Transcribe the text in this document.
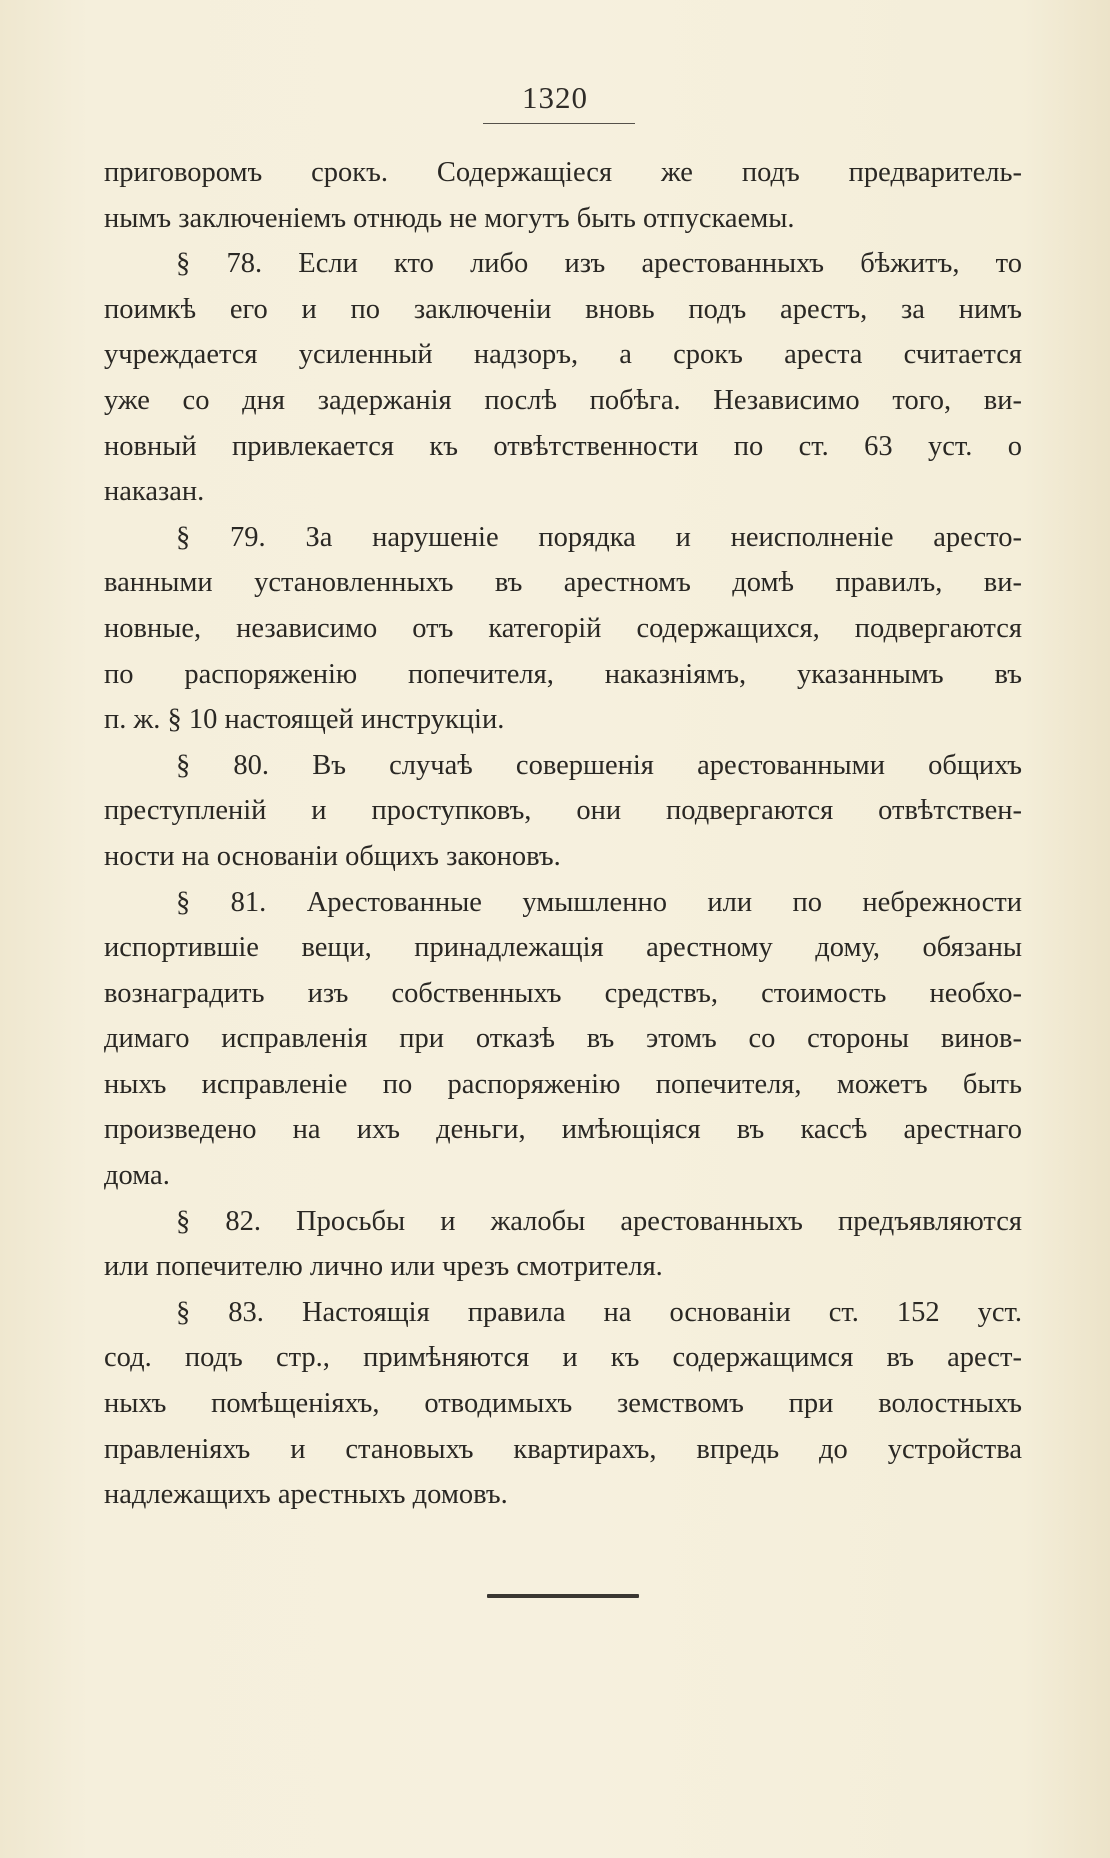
1320
приговоромъ срокъ. Содержащіеся же подъ предваритель-
нымъ заключеніемъ отнюдь не могутъ быть отпускаемы.
§ 78. Если кто либо изъ арестованныхъ бѣжитъ, то
поимкѣ его и по заключеніи вновь подъ арестъ, за нимъ
учреждается усиленный надзоръ, а срокъ ареста считается
уже со дня задержанія послѣ побѣга. Независимо того, ви-
новный привлекается къ отвѣтственности по ст. 63 уст. о
наказан.
§ 79. За нарушеніе порядка и неисполненіе аресто-
ванными установленныхъ въ арестномъ домѣ правилъ, ви-
новные, независимо отъ категорій содержащихся, подвергаются
по распоряженію попечителя, наказніямъ, указаннымъ въ
п. ж. § 10 настоящей инструкціи.
§ 80. Въ случаѣ совершенія арестованными общихъ
преступленій и проступковъ, они подвергаются отвѣтствен-
ности на основаніи общихъ законовъ.
§ 81. Арестованные умышленно или по небрежности
испортившіе вещи, принадлежащія арестному дому, обязаны
вознаградить изъ собственныхъ средствъ, стоимость необхо-
димаго исправленія при отказѣ въ этомъ со стороны винов-
ныхъ исправленіе по распоряженію попечителя, можетъ быть
произведено на ихъ деньги, имѣющіяся въ кассѣ арестнаго
дома.
§ 82. Просьбы и жалобы арестованныхъ предъявляются
или попечителю лично или чрезъ смотрителя.
§ 83. Настоящія правила на основаніи ст. 152 уст.
сод. подъ стр., примѣняются и къ содержащимся въ арест-
ныхъ помѣщеніяхъ, отводимыхъ земствомъ при волостныхъ
правленіяхъ и становыхъ квартирахъ, впредь до устройства
надлежащихъ арестныхъ домовъ.
